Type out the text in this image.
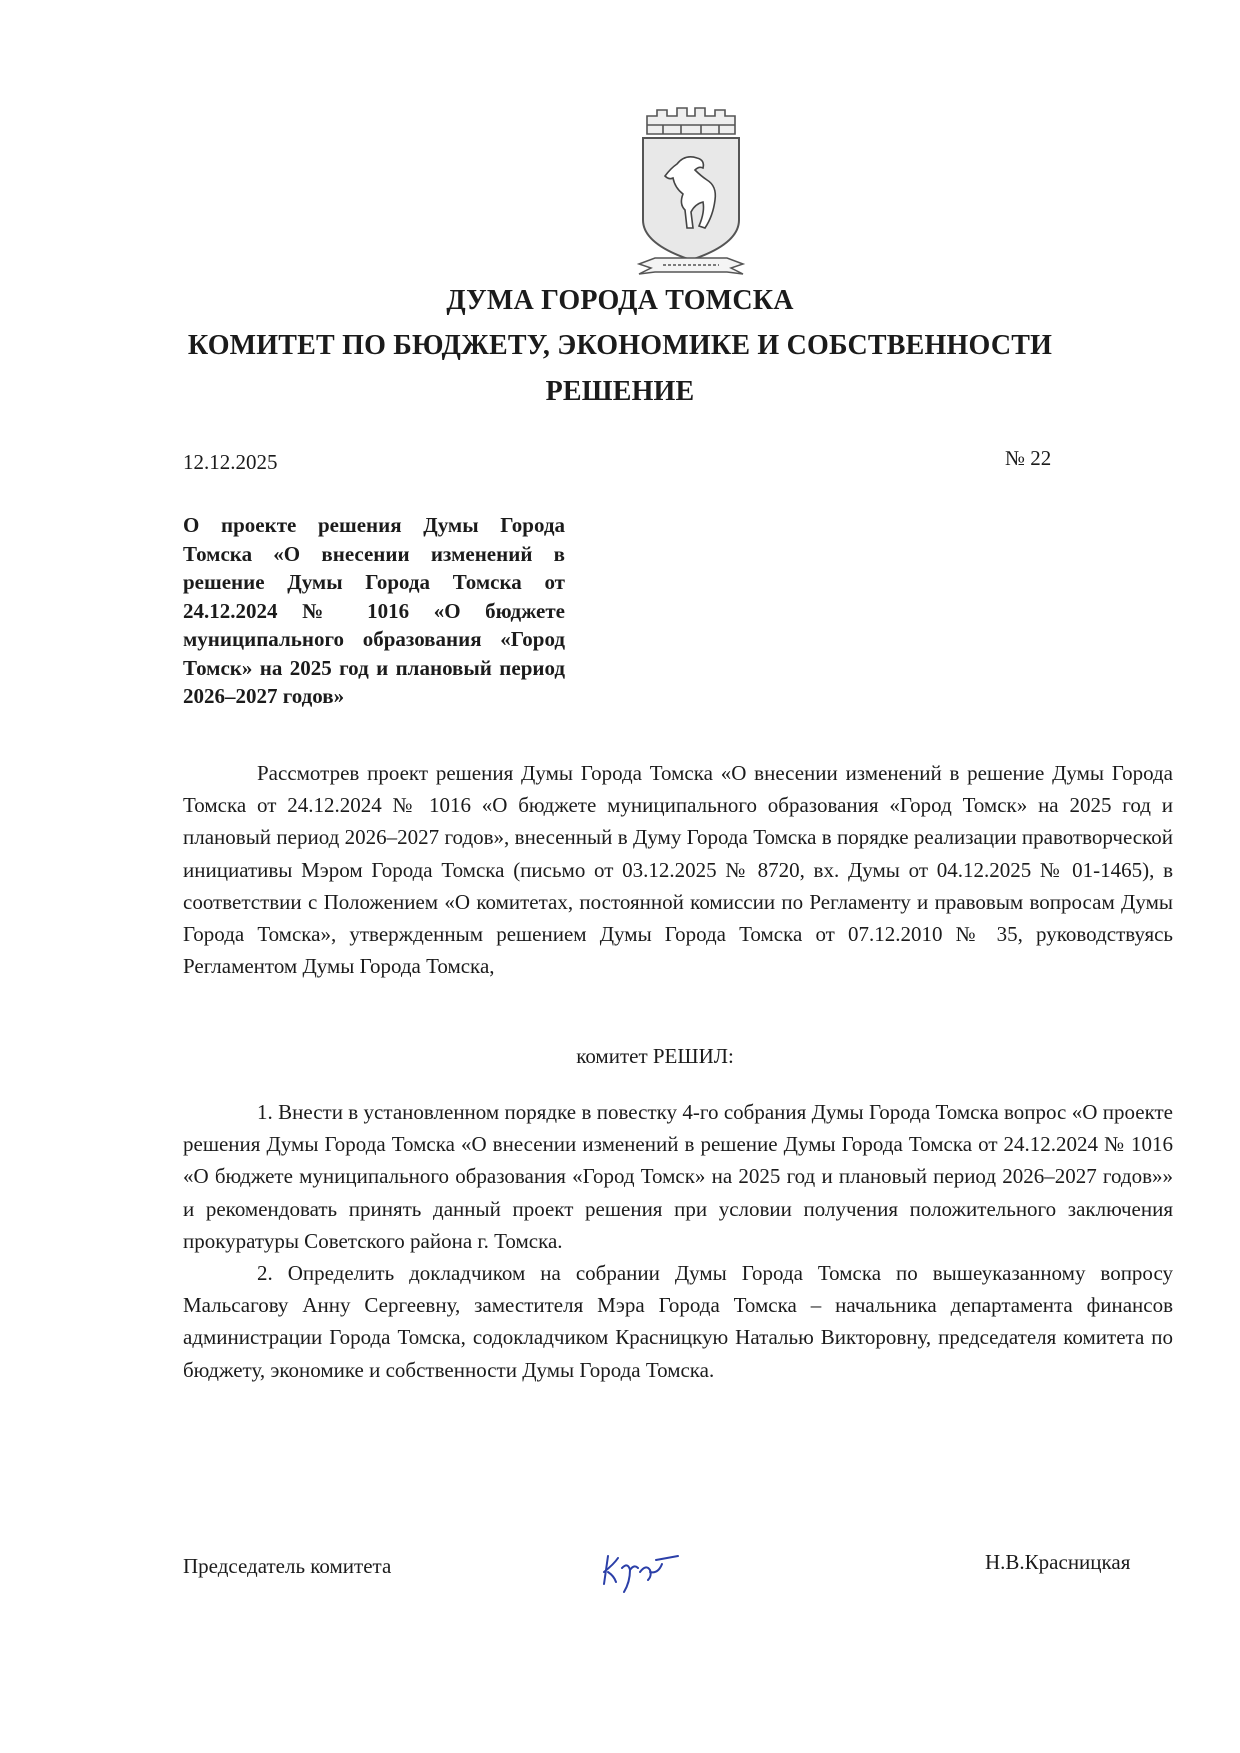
ДУМА ГОРОДА ТОМСКА
КОМИТЕТ ПО БЮДЖЕТУ, ЭКОНОМИКЕ И СОБСТВЕННОСТИ
РЕШЕНИЕ
12.12.2025	№ 22
О проекте решения Думы Города Томска «О внесении изменений в решение Думы Города Томска от 24.12.2024 № 1016 «О бюджете муниципального образования «Город Томск» на 2025 год и плановый период 2026–2027 годов»

Рассмотрев проект решения Думы Города Томска «О внесении изменений в решение Думы Города Томска от 24.12.2024 № 1016 «О бюджете муниципального образования «Город Томск» на 2025 год и плановый период 2026–2027 годов», внесенный в Думу Города Томска в порядке реализации правотворческой инициативы Мэром Города Томска (письмо от 03.12.2025 № 8720, вх. Думы от 04.12.2025 № 01-1465), в соответствии с Положением «О комитетах, постоянной комиссии по Регламенту и правовым вопросам Думы Города Томска», утвержденным решением Думы Города Томска от 07.12.2010 № 35, руководствуясь Регламентом Думы Города Томска,

комитет РЕШИЛ:

1. Внести в установленном порядке в повестку 4-го собрания Думы Города Томска вопрос «О проекте решения Думы Города Томска «О внесении изменений в решение Думы Города Томска от 24.12.2024 № 1016 «О бюджете муниципального образования «Город Томск» на 2025 год и плановый период 2026–2027 годов»» и рекомендовать принять данный проект решения при условии получения положительного заключения прокуратуры Советского района г. Томска.

2. Определить докладчиком на собрании Думы Города Томска по вышеуказанному вопросу Мальсагову Анну Сергеевну, заместителя Мэра Города Томска – начальника департамента финансов администрации Города Томска, содокладчиком Красницкую Наталью Викторовну, председателя комитета по бюджету, экономике и собственности Думы Города Томска.

Председатель комитета	Н.В.Красницкая
